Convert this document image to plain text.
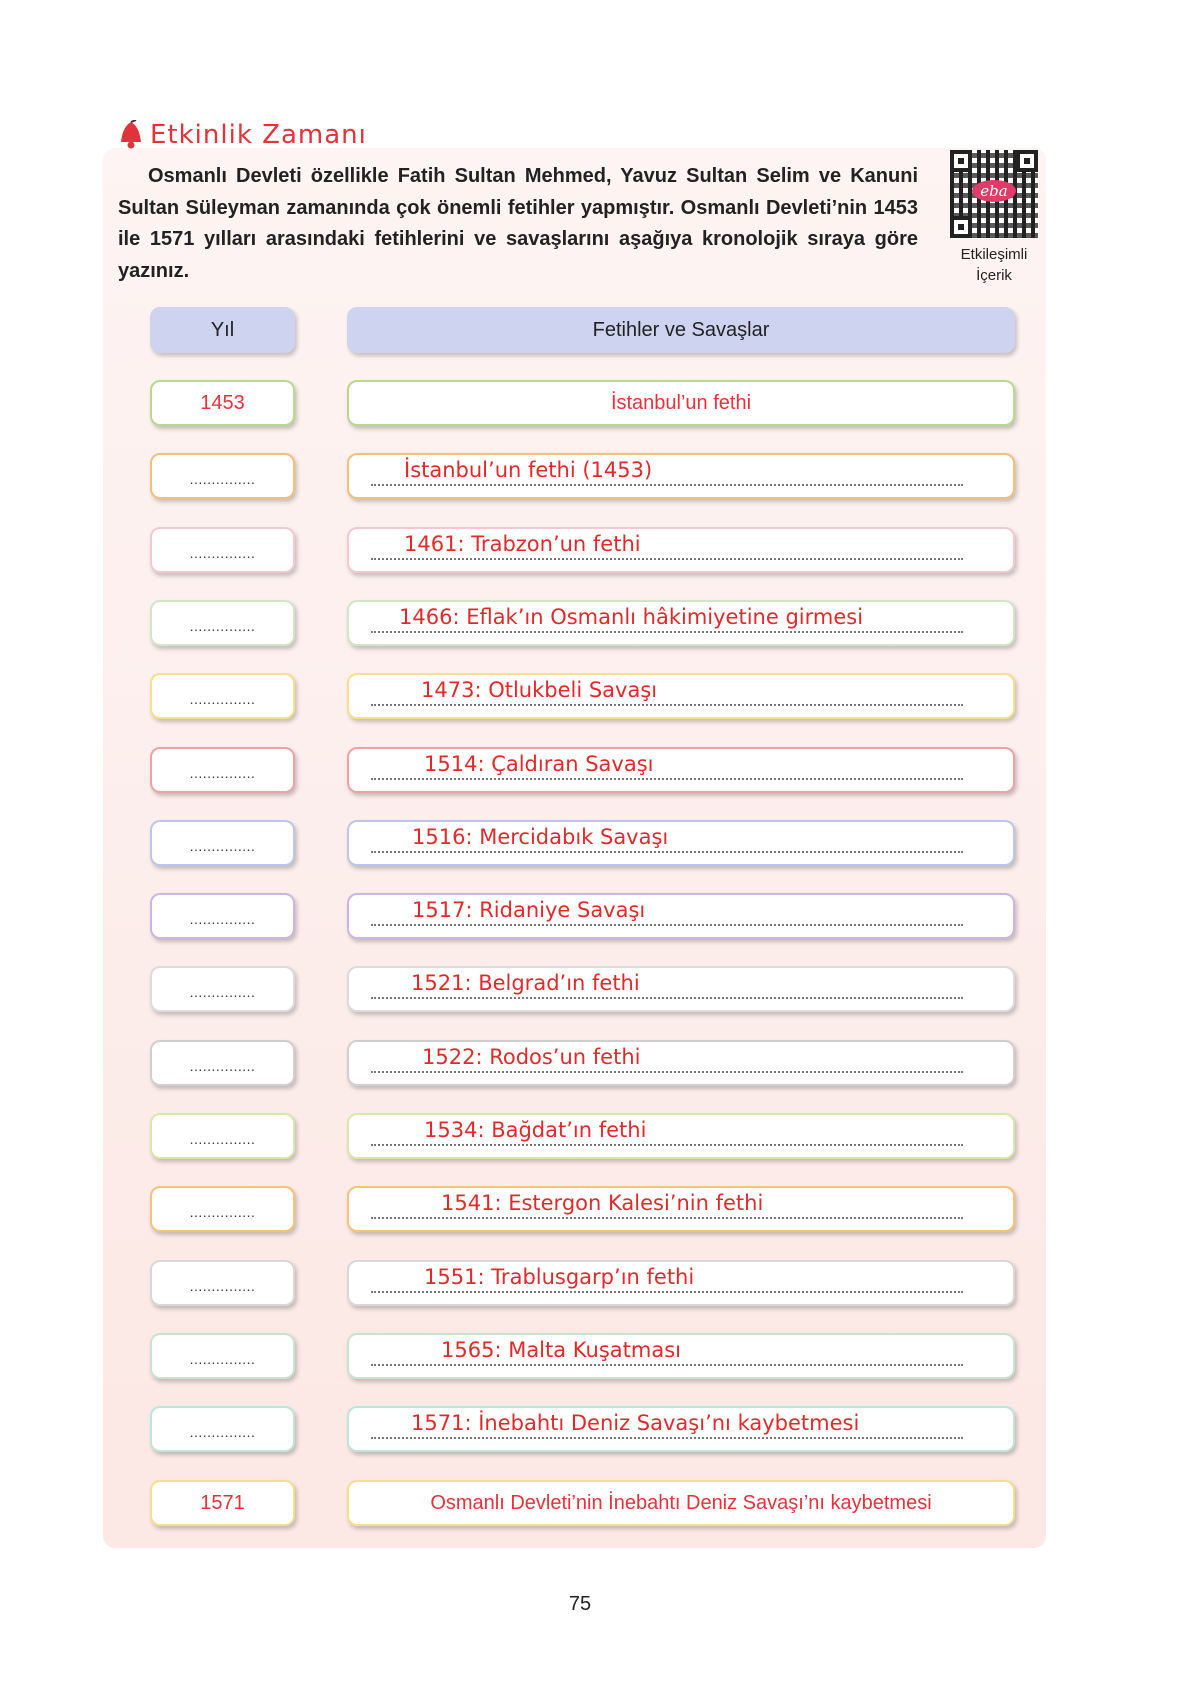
Etkinlik Zamanı
Osmanlı Devleti özellikle Fatih Sultan Mehmed, Yavuz Sultan Selim ve Kanuni Sultan Süleyman zamanında çok önemli fetihler yapmıştır. Osmanlı Devleti’nin 1453 ile 1571 yılları arasındaki fetihlerini ve savaşlarını aşağıya kronolojik sıraya göre yazınız.
eba
Etkileşimli
İçerik
Yıl	Fetihler ve Savaşlar
1453	İstanbul’un fethi
...............	İstanbul’un fethi (1453)
...............	1461: Trabzon’un fethi
...............	1466: Eflak’ın Osmanlı hâkimiyetine girmesi
...............	1473: Otlukbeli Savaşı
...............	1514: Çaldıran Savaşı
...............	1516: Mercidabık Savaşı
...............	1517: Ridaniye Savaşı
...............	1521: Belgrad’ın fethi
...............	1522: Rodos’un fethi
...............	1534: Bağdat’ın fethi
...............	1541: Estergon Kalesi’nin fethi
...............	1551: Trablusgarp’ın fethi
...............	1565: Malta Kuşatması
...............	1571: İnebahtı Deniz Savaşı’nı kaybetmesi
1571	Osmanlı Devleti’nin İnebahtı Deniz Savaşı’nı kaybetmesi
75
